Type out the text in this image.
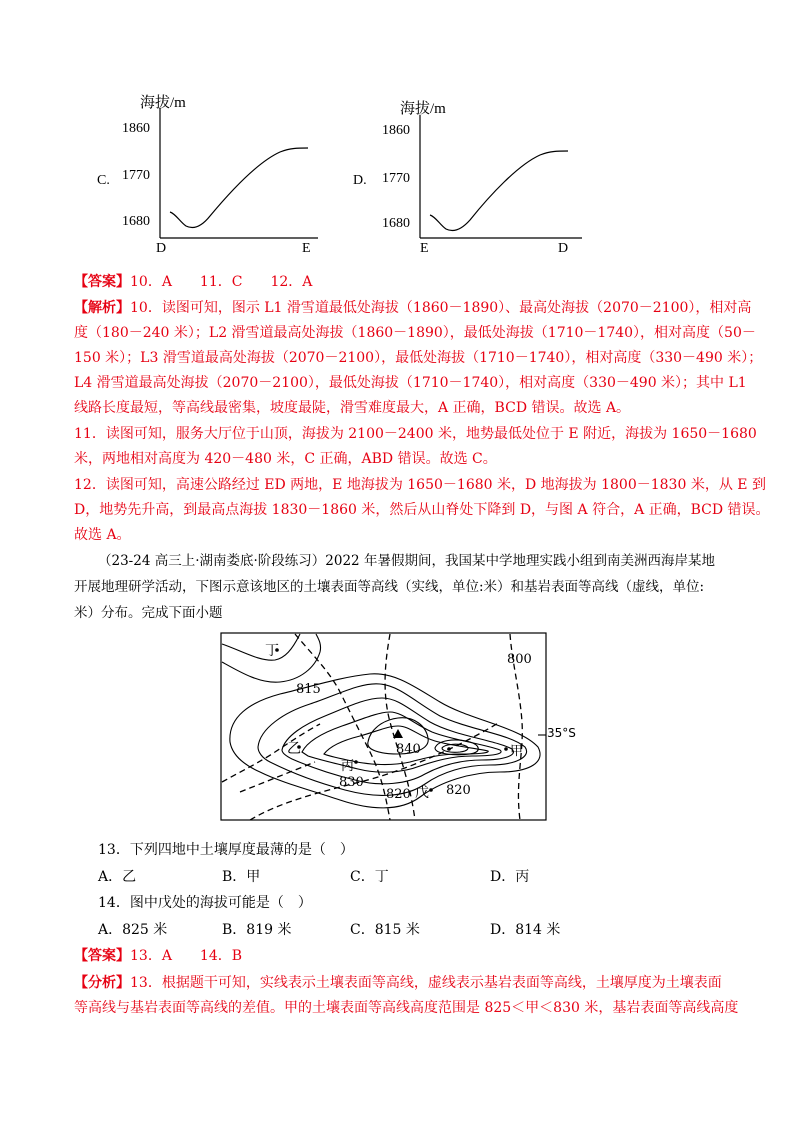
海拔/m
1860
1770
1680
C.
D	E
海拔/m
1860
1770
1680
D.
E	D
【答案】10．A　　11．C　　12．A
【解析】10．读图可知，图示 L1 滑雪道最低处海拔（1860－1890）、最高处海拔（2070－2100），相对高
度（180－240 米）；L2 滑雪道最高处海拔（1860－1890），最低处海拔（1710－1740），相对高度（50－
150 米）；L3 滑雪道最高处海拔（2070－2100），最低处海拔（1710－1740），相对高度（330－490 米）；
L4 滑雪道最高处海拔（2070－2100），最低处海拔（1710－1740），相对高度（330－490 米）；其中 L1
线路长度最短，等高线最密集，坡度最陡，滑雪难度最大，A 正确，BCD 错误。故选 A。
11．读图可知，服务大厅位于山顶，海拔为 2100－2400 米，地势最低处位于 E 附近，海拔为 1650－1680
米，两地相对高度为 420－480 米，C 正确，ABD 错误。故选 C。
12．读图可知，高速公路经过 ED 两地，E 地海拔为 1650－1680 米，D 地海拔为 1800－1830 米，从 E 到
D，地势先升高，到最高点海拔 1830－1860 米，然后从山脊处下降到 D，与图 A 符合，A 正确，BCD 错误。
故选 A。
（23-24 高三上·湖南娄底·阶段练习）2022 年暑假期间，我国某中学地理实践小组到南美洲西海岸某地
开展地理研学活动，下图示意该地区的土壤表面等高线（实线，单位:米）和基岩表面等高线（虚线，单位:
米）分布。完成下面小题
丁
乙
丙
甲
戊
800
815
840
830
820	820
35°S
13．下列四地中土壤厚度最薄的是（　）
A．乙	B．甲	C．丁	D．丙
14．图中戊处的海拔可能是（　）
A．825 米	B．819 米	C．815 米	D．814 米
【答案】13．A　　14．B
【分析】13．根据题干可知，实线表示土壤表面等高线，虚线表示基岩表面等高线，土壤厚度为土壤表面
等高线与基岩表面等高线的差值。甲的土壤表面等高线高度范围是 825＜甲＜830 米，基岩表面等高线高度
